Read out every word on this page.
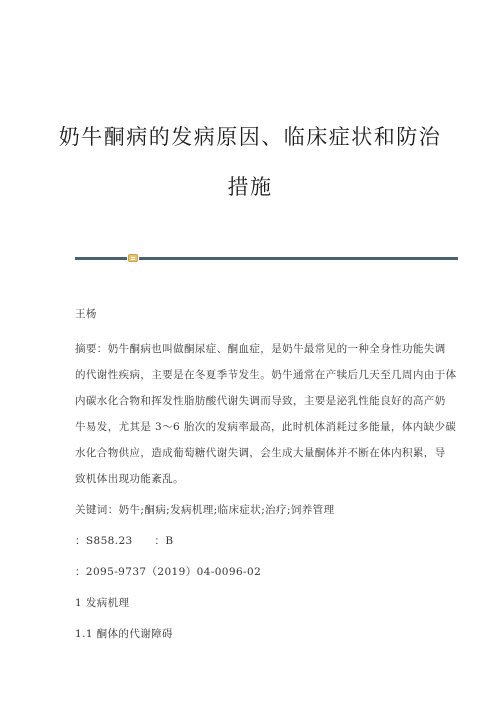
奶牛酮病的发病原因、临床症状和防治
措施
王杨
摘要：奶牛酮病也叫做酮尿症、酮血症，是奶牛最常见的一种全身性功能失调
的代谢性疾病，主要是在冬夏季节发生。奶牛通常在产犊后几天至几周内由于体
内碳水化合物和挥发性脂肪酸代谢失调而导致，主要是泌乳性能良好的高产奶
牛易发，尤其是 3～6 胎次的发病率最高，此时机体消耗过多能量，体内缺少碳
水化合物供应，造成葡萄糖代谢失调，会生成大量酮体并不断在体内积累，导
致机体出现功能紊乱。
关键词：奶牛;酮病;发病机理;临床症状;治疗;饲养管理
：S858.23　　：B
：2095-9737（2019）04-0096-02
1 发病机理
1.1 酮体的代谢障碍
